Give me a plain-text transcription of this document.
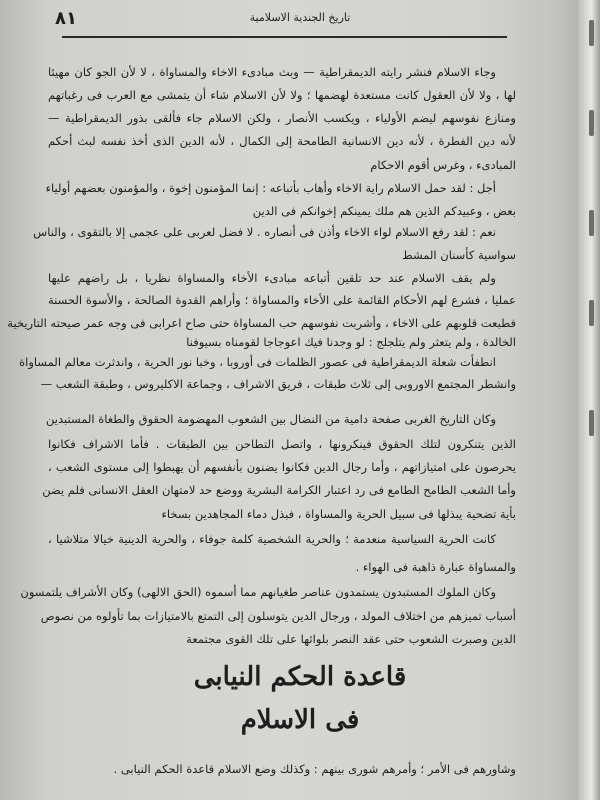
٨١	تاريخ الجندية الاسلامية
وجاء الاسلام فنشر رايته الديمقراطية — وبث مبادىء الاخاء والمساواة ، لا لأن الجو كان مهيئا
لها ، ولا لأن العقول كانت مستعدة لهضمها ؛ ولا لأن الاسلام شاء أن يتمشى مع العرب فى رغباتهم
ومنازع نفوسهم ليضم الأولياء ، ويكسب الأنصار ، ولكن الاسلام جاء فألقى بذور الديمقراطية —
لأنه دين الفطرة ، لأنه دين الانسانية الطامحة إلى الكمال ، لأنه الدين الذى أخذ نفسه لبث أحكم
المبادىء ، وغرس أقوم الاحكام
أجل : لقد حمل الاسلام راية الاخاء وأهاب بأتباعه : إنما المؤمنون إخوة ، والمؤمنون بعضهم أولياء
بعض ، وعبيدكم الذين هم ملك يمينكم إخوانكم فى الدين
نعم : لقد رفع الاسلام لواء الاخاء وأذن فى أنصاره . لا فضل لعربى على عجمى إلا بالتقوى ، والناس
سواسية كأسنان المشط
ولم يقف الاسلام عند حد تلقين أتباعه مبادىء الأخاء والمساواة نظريا ، بل راضهم عليها
عمليا ، فشرع لهم الأحكام القائمة على الأخاء والمساواة ؛ وأراهم القدوة الصالحة ، والأسوة الحسنة
فطبعت قلوبهم على الاخاء ، وأشربت نفوسهم حب المساواة حتى صاح اعرابى فى وجه عمر صيحته التاريخية
الخالدة ، ولم يتعثر ولم يتلجلج : لو وجدنا فيك اعوجاجا لقومناه بسيوفنا
انطفأت شعلة الديمقراطية فى عصور الظلمات فى أوروبا ، وخبا نور الحرية ، واندثرت معالم المساواة
وانشطر المجتمع الاوروبى إلى ثلاث طبقات ، فريق الاشراف ، وجماعة الاكليروس ، وطبقة الشعب —
وكان التاريخ الغربى صفحة دامية من النضال بين الشعوب المهضومة الحقوق والطغاة المستبدين
الذين يتنكرون لتلك الحقوق فينكرونها ، واتصل التطاحن بين الطبقات . فأما الاشراف فكانوا
يحرصون على امتيازاتهم ، وأما رجال الدين فكانوا يضنون بأنفسهم أن يهبطوا إلى مستوى الشعب ،
وأما الشعب الطامح الطامع فى رد اعتبار الكرامة البشرية ووضع حد لامتهان العقل الانسانى فلم يضن
بأية تضحية يبذلها فى سبيل الحرية والمساواة ، فبذل دماء المجاهدين بسخاء
كانت الحرية السياسية منعدمة ؛ والحرية الشخصية كلمة جوفاء ، والحرية الدينية خيالا متلاشيا ،
والمساواة عبارة ذاهبة فى الهواء .
وكان الملوك المستبدون يستمدون عناصر طغيانهم مما أسموه (الحق الالهى) وكان الأشراف يلتمسون
أسباب تميزهم من اختلاف المولد ، ورجال الدين يتوسلون إلى التمتع بالامتيازات بما تأولوه من نصوص
الدين وصبرت الشعوب حتى عقد النصر بلوائها على تلك القوى مجتمعة
قاعدة الحكم النيابى
فى الاسلام
وشاورهم فى الأمر ؛ وأمرهم شورى بينهم : وكذلك وضع الاسلام قاعدة الحكم النيابى .
